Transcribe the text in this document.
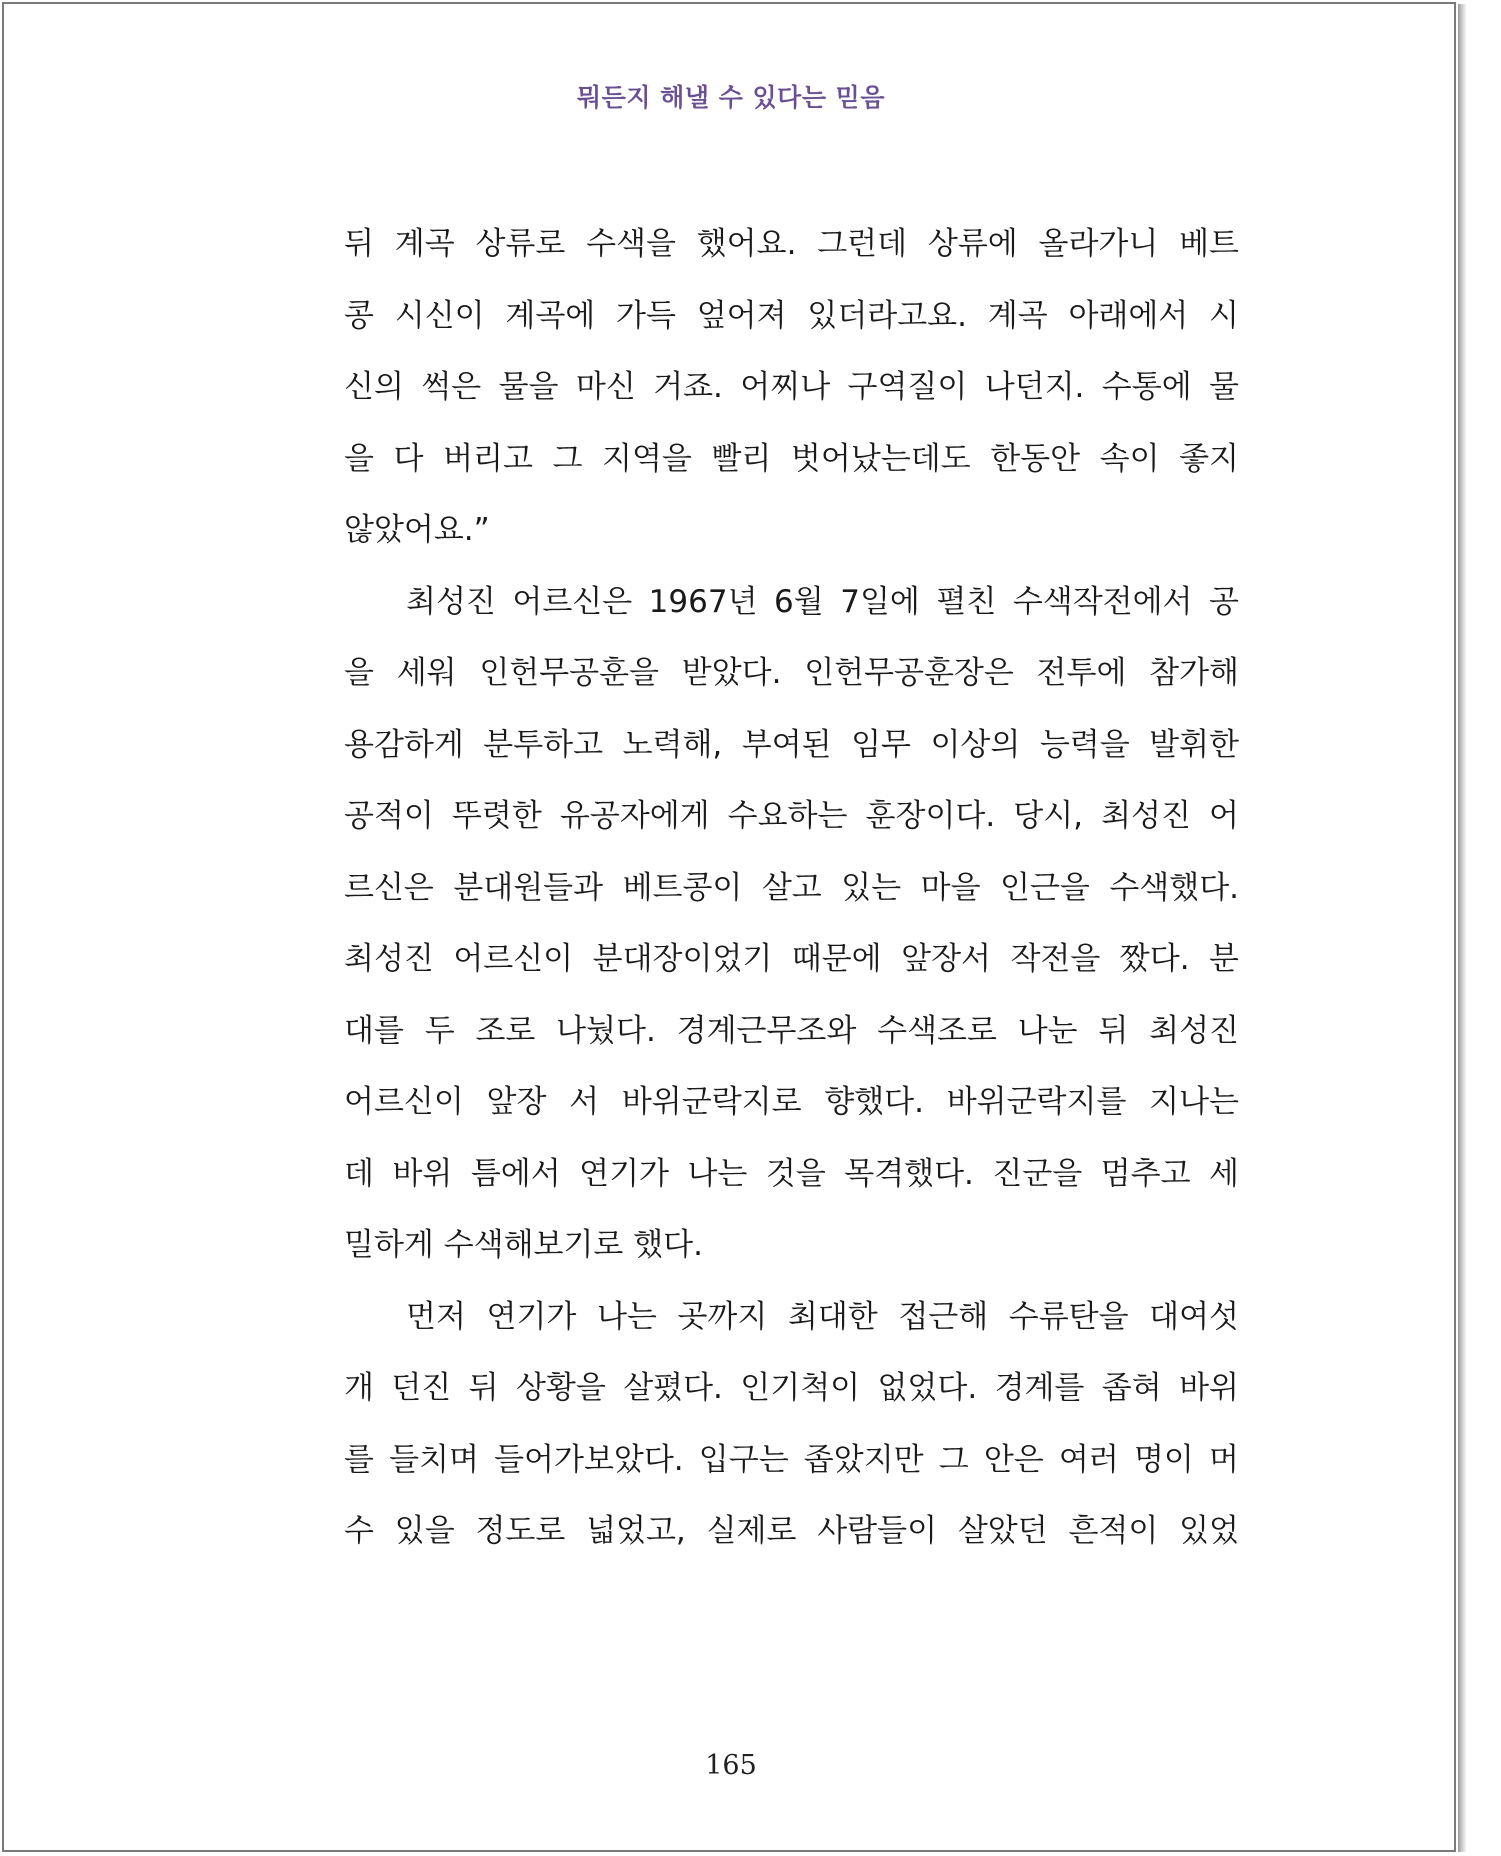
뭐든지 해낼 수 있다는 믿음
뒤 계곡 상류로 수색을 했어요. 그런데 상류에 올라가니 베트
콩 시신이 계곡에 가득 엎어져 있더라고요. 계곡 아래에서 시
신의 썩은 물을 마신 거죠. 어찌나 구역질이 나던지. 수통에 물
을 다 버리고 그 지역을 빨리 벗어났는데도 한동안 속이 좋지
않았어요.”
최성진 어르신은 1967년 6월 7일에 펼친 수색작전에서 공
을 세워 인헌무공훈을 받았다. 인헌무공훈장은 전투에 참가해
용감하게 분투하고 노력해, 부여된 임무 이상의 능력을 발휘한
공적이 뚜렷한 유공자에게 수요하는 훈장이다. 당시, 최성진 어
르신은 분대원들과 베트콩이 살고 있는 마을 인근을 수색했다.
최성진 어르신이 분대장이었기 때문에 앞장서 작전을 짰다. 분
대를 두 조로 나눴다. 경계근무조와 수색조로 나눈 뒤 최성진
어르신이 앞장 서 바위군락지로 향했다. 바위군락지를 지나는
데 바위 틈에서 연기가 나는 것을 목격했다. 진군을 멈추고 세
밀하게 수색해보기로 했다.
먼저 연기가 나는 곳까지 최대한 접근해 수류탄을 대여섯
개 던진 뒤 상황을 살폈다. 인기척이 없었다. 경계를 좁혀 바위
를 들치며 들어가보았다. 입구는 좁았지만 그 안은 여러 명이 머
수 있을 정도로 넓었고, 실제로 사람들이 살았던 흔적이 있었

165
